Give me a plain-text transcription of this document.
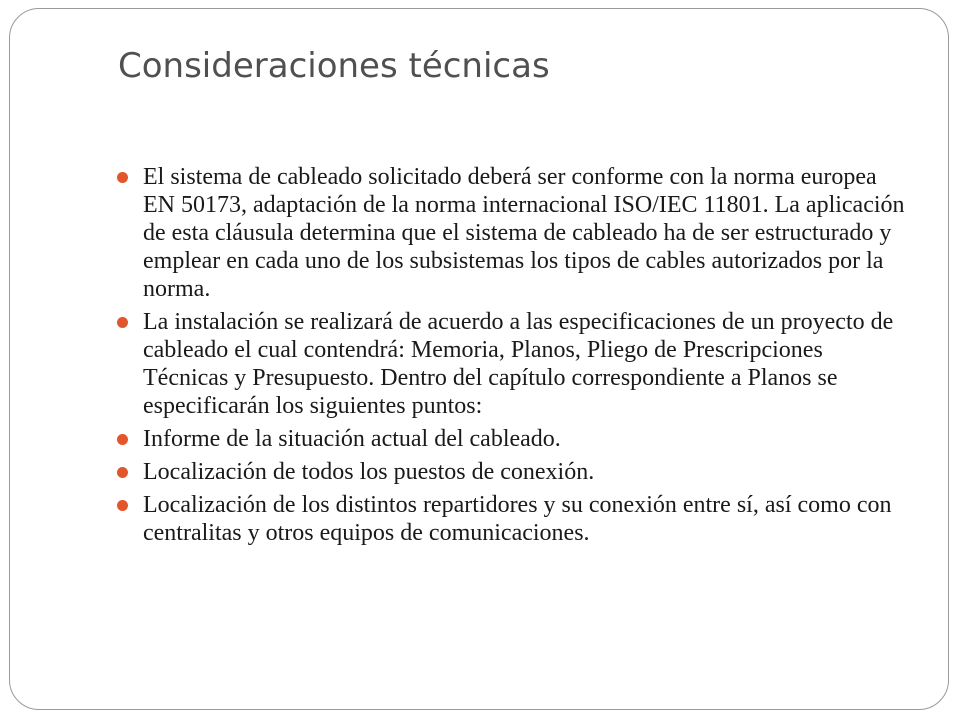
Consideraciones técnicas
El sistema de cableado solicitado deberá ser conforme con la norma europea EN 50173, adaptación de la norma internacional ISO/IEC 11801. La aplicación de esta cláusula determina que el sistema de cableado ha de ser estructurado y emplear en cada uno de los subsistemas los tipos de cables autorizados por la norma.
La instalación se realizará de acuerdo a las especificaciones de un proyecto de cableado el cual contendrá: Memoria, Planos, Pliego de Prescripciones Técnicas y Presupuesto. Dentro del capítulo correspondiente a Planos se especificarán los siguientes puntos:
Informe de la situación actual del cableado.
Localización de todos los puestos de conexión.
Localización de los distintos repartidores y su conexión entre sí, así como con centralitas y otros equipos de comunicaciones.
